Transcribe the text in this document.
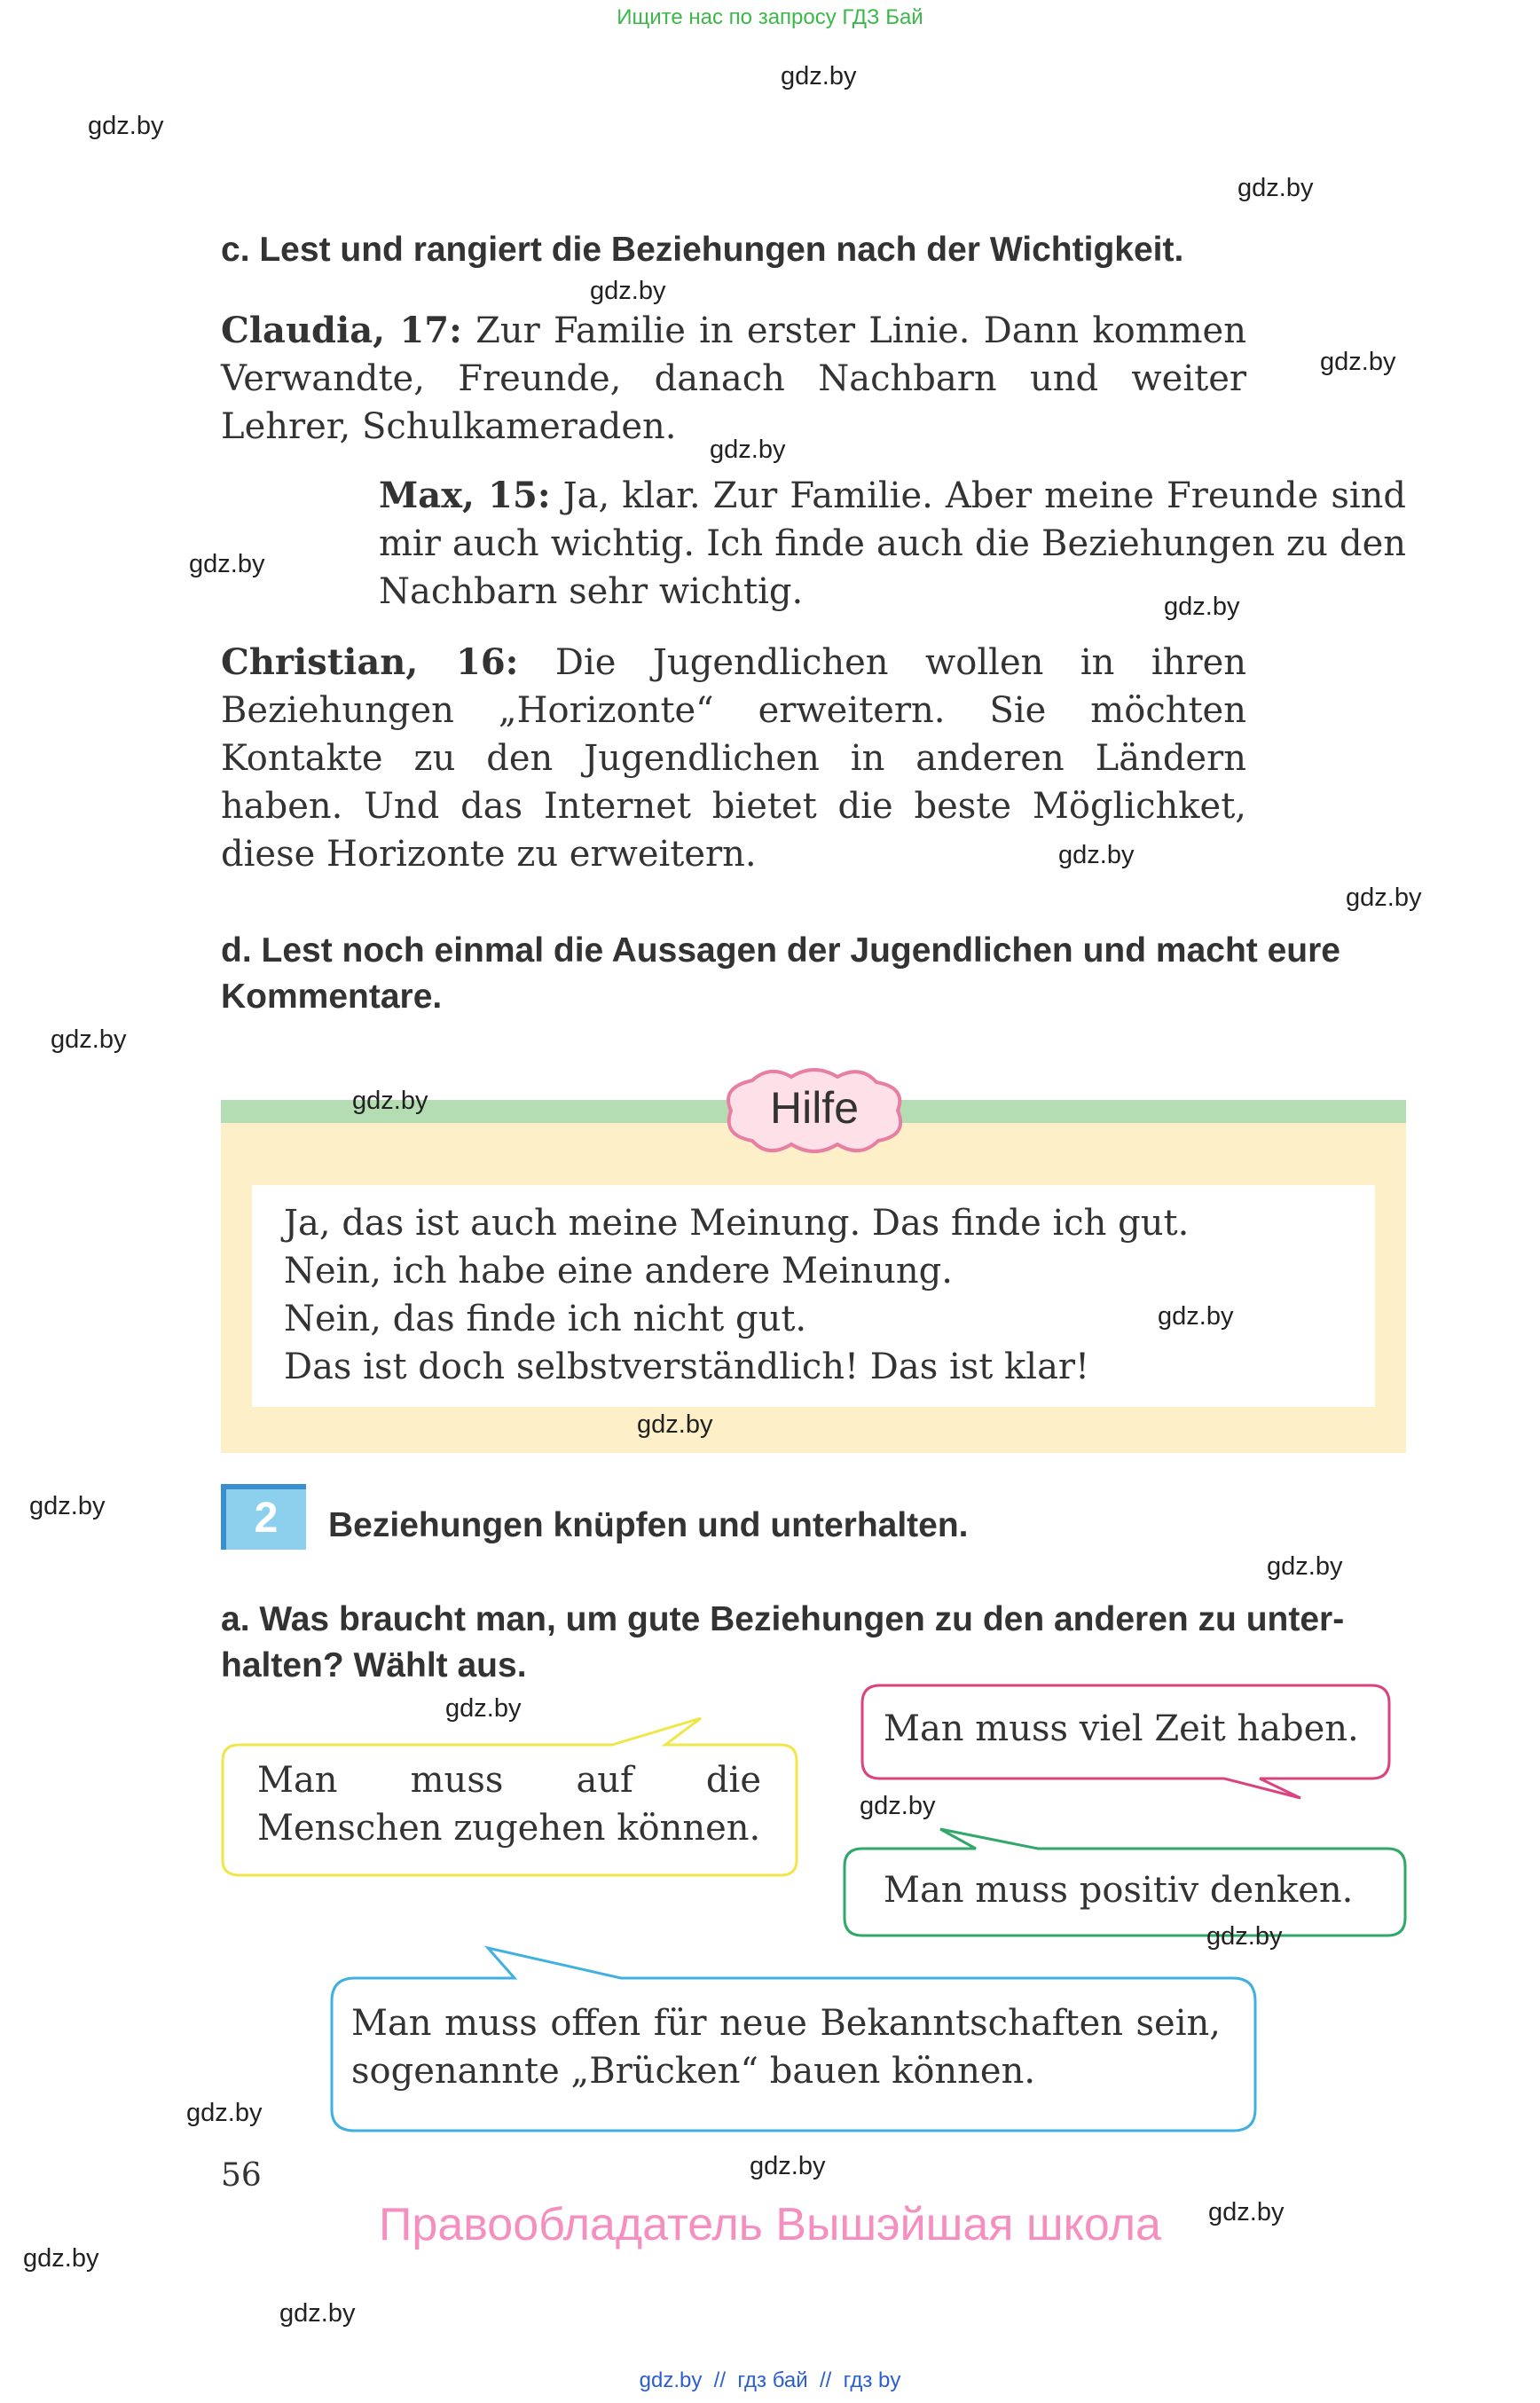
Ищите нас по запросу ГДЗ Бай
gdz.by
gdz.by
gdz.by
gdz.by
gdz.by
gdz.by
gdz.by
gdz.by
gdz.by
gdz.by
gdz.by
c. Lest und rangiert die Beziehungen nach der Wichtigkeit.
Claudia, 17: Zur Familie in erster Linie. Dann kommen Verwandte, Freunde, danach Nachbarn und weiter Lehrer, Schulkameraden.
Max, 15: Ja, klar. Zur Familie. Aber meine Freunde sind mir auch wichtig. Ich finde auch die Beziehungen zu den Nachbarn sehr wichtig.
Christian, 16: Die Jugendlichen wollen in ihren Beziehungen „Horizonte“ erweitern. Sie möchten Kontakte zu den Jugendlichen in anderen Ländern haben. Und das Internet bietet die beste Möglichket, diese Horizonte zu erweitern.
d. Lest noch einmal die Aussagen der Jugendlichen und macht eure
Kommentare.
Hilfe
gdz.by
Ja, das ist auch meine Meinung. Das finde ich gut.
Nein, ich habe eine andere Meinung.
Nein, das finde ich nicht gut.
Das ist doch selbstverständlich! Das ist klar!
gdz.by
gdz.by
gdz.by	2	Beziehungen knüpfen und unterhalten.
gdz.by
a. Was braucht man, um gute Beziehungen zu den anderen zu unter-
halten? Wählt aus.
gdz.by
Man muss auf die Menschen zugehen können.
Man muss viel Zeit haben.
Man muss positiv denken.
Man muss offen für neue Bekanntschaften sein, sogenannte „Brücken“ bauen können.
gdz.by
gdz.by
gdz.by
gdz.by
gdz.by
gdz.by
gdz.by
56
Правообладатель Вышэйшая школа
gdz.by  //  гдз бай  //  гдз by
